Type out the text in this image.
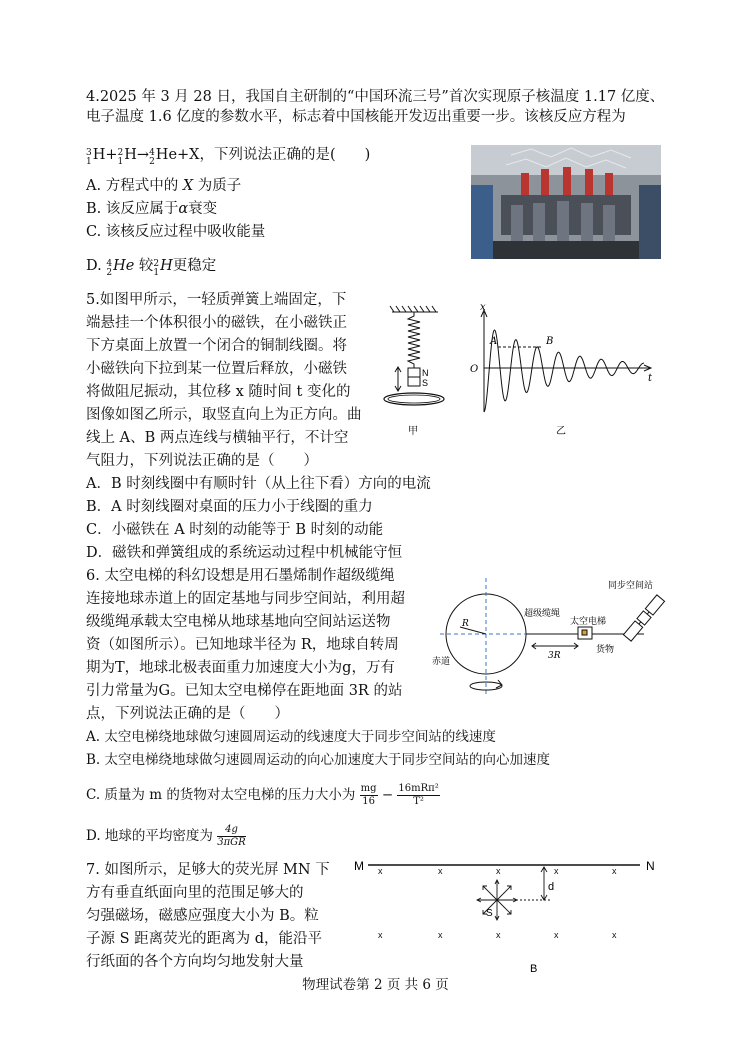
4.2025 年 3 月 28 日，我国自主研制的“中国环流三号”首次实现原子核温度 1.17 亿度、
电子温度 1.6 亿度的参数水平，标志着中国核能开发迈出重要一步。该核反应方程为
3
1H+2
1H→4
2He+X，下列说法正确的是(　　)
A. 方程式中的 X 为质子
B. 该反应属于α衰变
C. 该核反应过程中吸收能量
D. 4
2He 较2
1H更稳定
5.如图甲所示，一轻质弹簧上端固定，下
端悬挂一个体积很小的磁铁，在小磁铁正
下方桌面上放置一个闭合的铜制线圈。将
小磁铁向下拉到某一位置后释放，小磁铁
将做阻尼振动，其位移 x 随时间 t 变化的
图像如图乙所示，取竖直向上为正方向。曲
线上 A、B 两点连线与横轴平行，不计空
气阻力，下列说法正确的是（　　）
N
S
甲
x
t
O
A	B
乙
A．B 时刻线圈中有顺时针（从上往下看）方向的电流
B．A 时刻线圈对桌面的压力小于线圈的重力
C．小磁铁在 A 时刻的动能等于 B 时刻的动能
D．磁铁和弹簧组成的系统运动过程中机械能守恒
6. 太空电梯的科幻设想是用石墨烯制作超级缆绳
连接地球赤道上的固定基地与同步空间站，利用超
级缆绳承载太空电梯从地球基地向空间站运送物
资（如图所示）。已知地球半径为 R，地球自转周
期为T，地球北极表面重力加速度大小为g，万有
引力常量为G。已知太空电梯停在距地面 3R 的站
点，下列说法正确的是（　　）
R
3R
超级缆绳
太空电梯
货物
同步空间站
赤道
A. 太空电梯绕地球做匀速圆周运动的线速度大于同步空间站的线速度
B. 太空电梯绕地球做匀速圆周运动的向心加速度大于同步空间站的向心加速度
C. 质量为 m 的货物对太空电梯的压力大小为 $\frac{mg}{16} - \frac{\text{16mRπ²}}{\text{T²}}$
D. 地球的平均密度为 $\frac{4g}{\text{3πGR}}$
7. 如图所示，足够大的荧光屏 MN 下
方有垂直纸面向里的范围足够大的
匀强磁场，磁感应强度大小为 B。粒
子源 S 距离荧光的距离为 d，能沿平
行纸面的各个方向均匀地发射大量
M	N
x	x	x	x	x
x	x	x	x	x
d
S
B
物理试卷第 2 页 共 6 页
